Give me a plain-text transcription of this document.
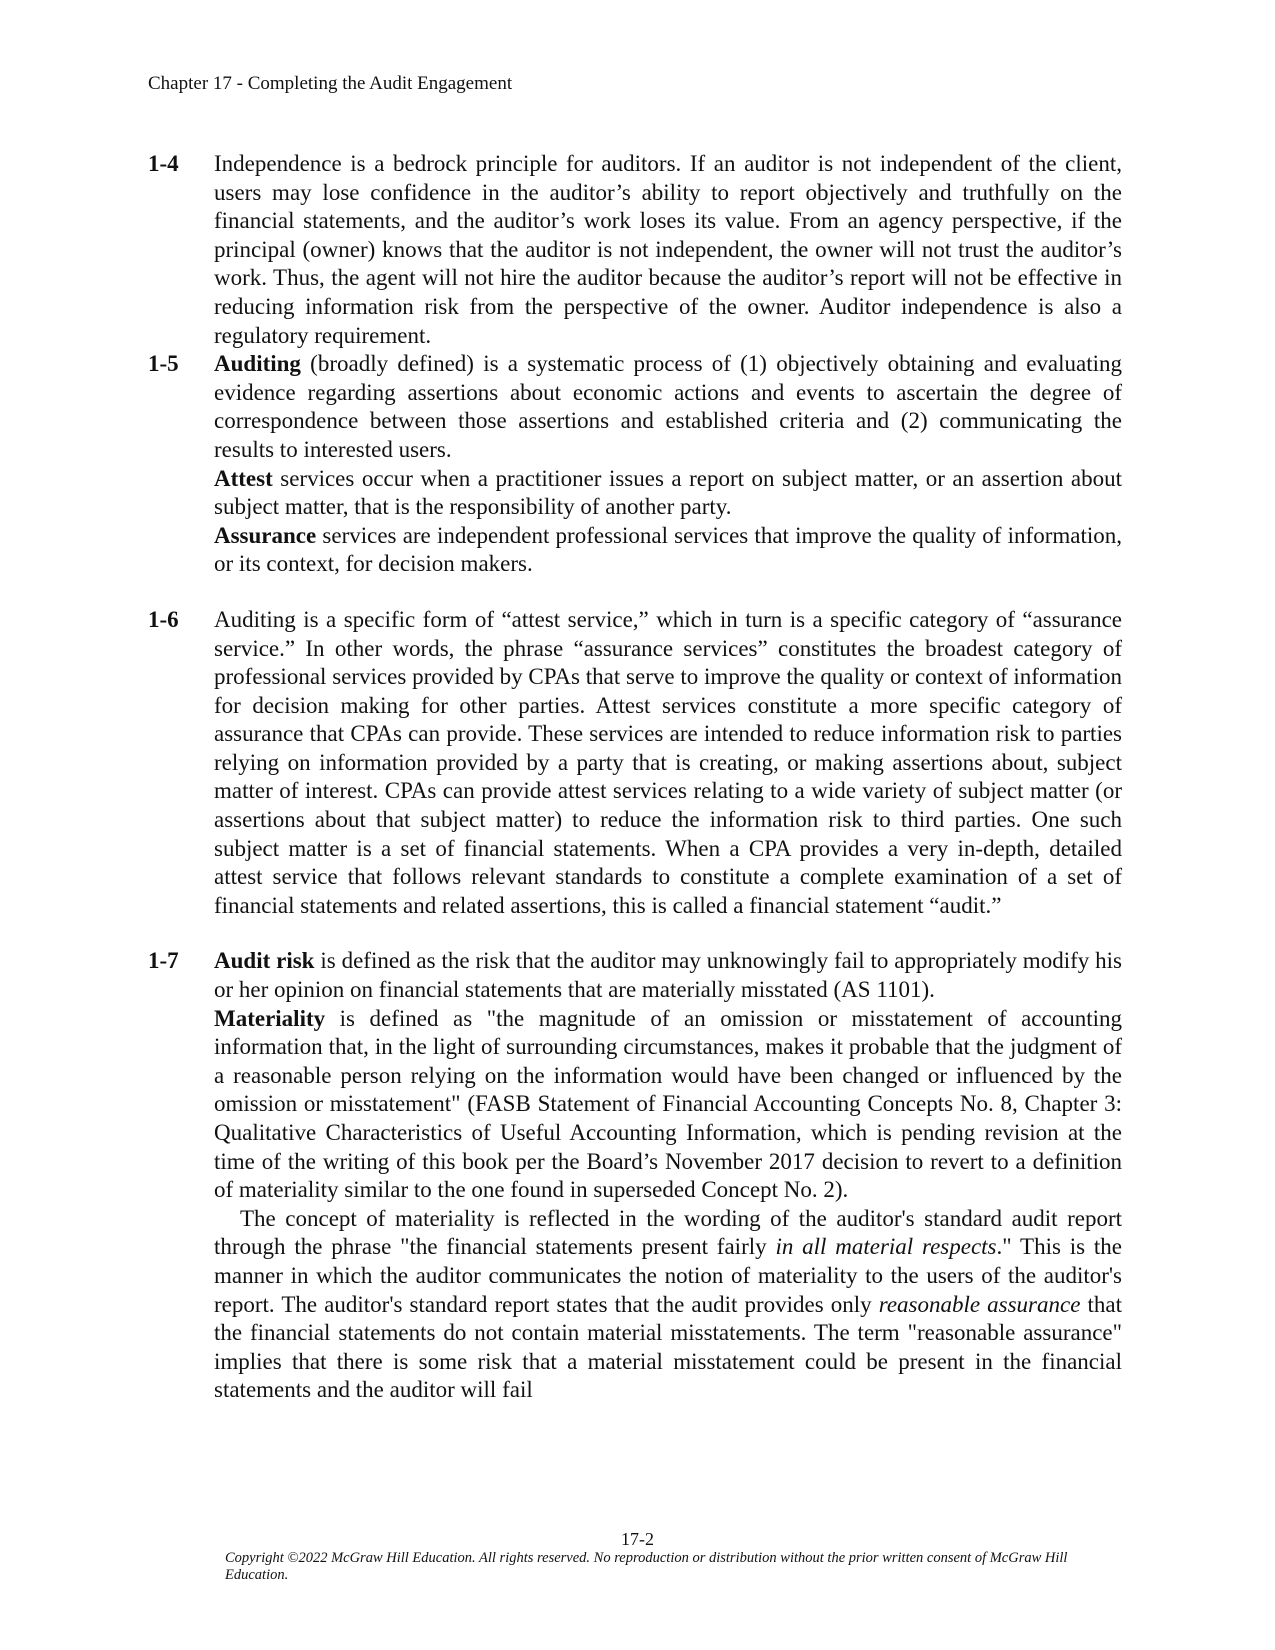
Chapter 17 - Completing the Audit Engagement
1-4	Independence is a bedrock principle for auditors. If an auditor is not independent of the client, users may lose confidence in the auditor’s ability to report objectively and truthfully on the financial statements, and the auditor’s work loses its value. From an agency perspective, if the principal (owner) knows that the auditor is not independent, the owner will not trust the auditor’s work. Thus, the agent will not hire the auditor because the auditor’s report will not be effective in reducing information risk from the perspective of the owner. Auditor independence is also a regulatory requirement.

1-5	Auditing (broadly defined) is a systematic process of (1) objectively obtaining and evaluating evidence regarding assertions about economic actions and events to ascertain the degree of correspondence between those assertions and established criteria and (2) communicating the results to interested users.

Attest services occur when a practitioner issues a report on subject matter, or an assertion about subject matter, that is the responsibility of another party.

Assurance services are independent professional services that improve the quality of information, or its context, for decision makers.

1-6	Auditing is a specific form of “attest service,” which in turn is a specific category of “assurance service.” In other words, the phrase “assurance services” constitutes the broadest category of professional services provided by CPAs that serve to improve the quality or context of information for decision making for other parties. Attest services constitute a more specific category of assurance that CPAs can provide. These services are intended to reduce information risk to parties relying on information provided by a party that is creating, or making assertions about, subject matter of interest. CPAs can provide attest services relating to a wide variety of subject matter (or assertions about that subject matter) to reduce the information risk to third parties. One such subject matter is a set of financial statements. When a CPA provides a very in-depth, detailed attest service that follows relevant standards to constitute a complete examination of a set of financial statements and related assertions, this is called a financial statement “audit.”

1-7	Audit risk is defined as the risk that the auditor may unknowingly fail to appropriately modify his or her opinion on financial statements that are materially misstated (AS 1101).

Materiality is defined as "the magnitude of an omission or misstatement of accounting information that, in the light of surrounding circumstances, makes it probable that the judgment of a reasonable person relying on the information would have been changed or influenced by the omission or misstatement" (FASB Statement of Financial Accounting Concepts No. 8, Chapter 3: Qualitative Characteristics of Useful Accounting Information, which is pending revision at the time of the writing of this book per the Board’s November 2017 decision to revert to a definition of materiality similar to the one found in superseded Concept No. 2).

The concept of materiality is reflected in the wording of the auditor's standard audit report through the phrase "the financial statements present fairly in all material respects." This is the manner in which the auditor communicates the notion of materiality to the users of the auditor's report. The auditor's standard report states that the audit provides only reasonable assurance that the financial statements do not contain material misstatements. The term "reasonable assurance" implies that there is some risk that a material misstatement could be present in the financial statements and the auditor will fail

17-2
Copyright ©2022 McGraw Hill Education. All rights reserved. No reproduction or distribution without the prior written consent of McGraw Hill Education.
